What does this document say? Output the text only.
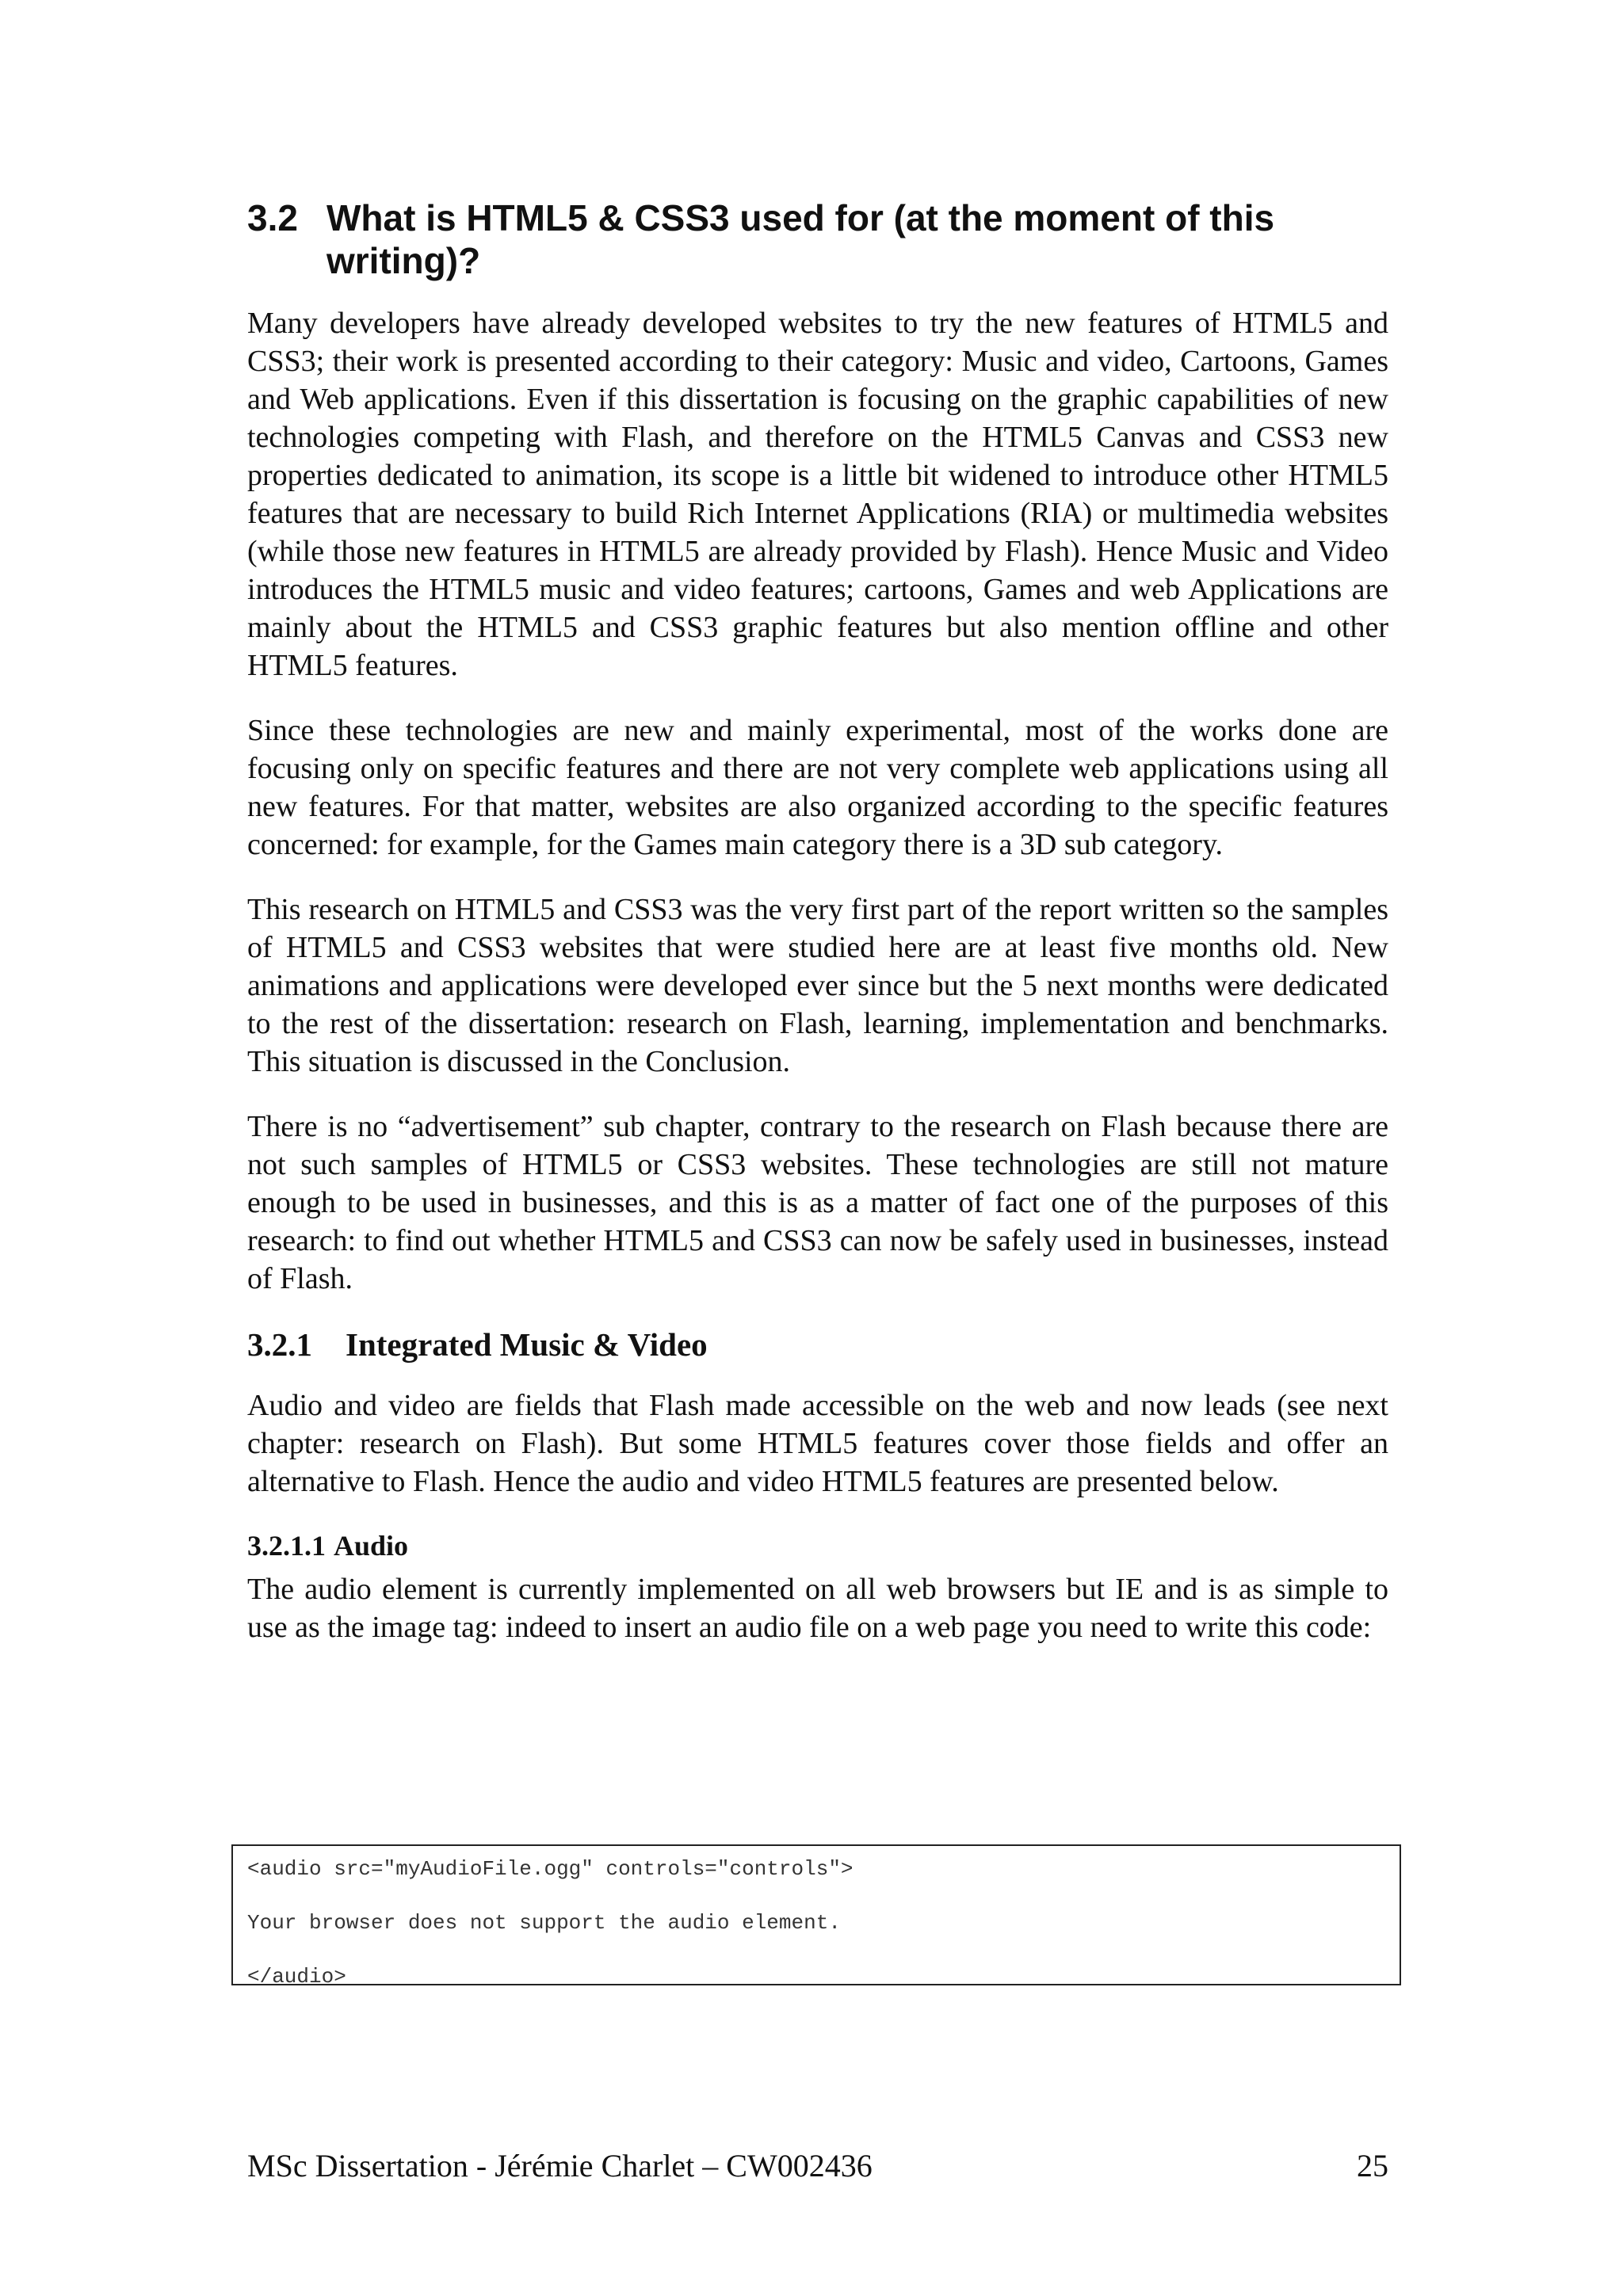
3.2 What is HTML5 & CSS3 used for (at the moment of this writing)?

Many developers have already developed websites to try the new features of HTML5 and CSS3; their work is presented according to their category: Music and video, Cartoons, Games and Web applications. Even if this dissertation is focusing on the graphic capabilities of new technologies competing with Flash, and therefore on the HTML5 Canvas and CSS3 new properties dedicated to animation, its scope is a little bit widened to introduce other HTML5 features that are necessary to build Rich Internet Applications (RIA) or multimedia websites (while those new features in HTML5 are already provided by Flash). Hence Music and Video introduces the HTML5 music and video features; cartoons, Games and web Applications are mainly about the HTML5 and CSS3 graphic features but also mention offline and other HTML5 features.

Since these technologies are new and mainly experimental, most of the works done are focusing only on specific features and there are not very complete web applications using all new features. For that matter, websites are also organized according to the specific features concerned: for example, for the Games main category there is a 3D sub category.

This research on HTML5 and CSS3 was the very first part of the report written so the samples of HTML5 and CSS3 websites that were studied here are at least five months old. New animations and applications were developed ever since but the 5 next months were dedicated to the rest of the dissertation: research on Flash, learning, implementation and benchmarks. This situation is discussed in the Conclusion.

There is no “advertisement” sub chapter, contrary to the research on Flash because there are not such samples of HTML5 or CSS3 websites. These technologies are still not mature enough to be used in businesses, and this is as a matter of fact one of the purposes of this research: to find out whether HTML5 and CSS3 can now be safely used in businesses, instead of Flash.

3.2.1	Integrated Music & Video

Audio and video are fields that Flash made accessible on the web and now leads (see next chapter: research on Flash). But some HTML5 features cover those fields and offer an alternative to Flash. Hence the audio and video HTML5 features are presented below.

3.2.1.1 Audio

The audio element is currently implemented on all web browsers but IE and is as simple to use as the image tag: indeed to insert an audio file on a web page you need to write this code:

<audio src="myAudioFile.ogg" controls="controls">
Your browser does not support the audio element.
</audio>
MSc Dissertation - Jérémie Charlet – CW002436	25
